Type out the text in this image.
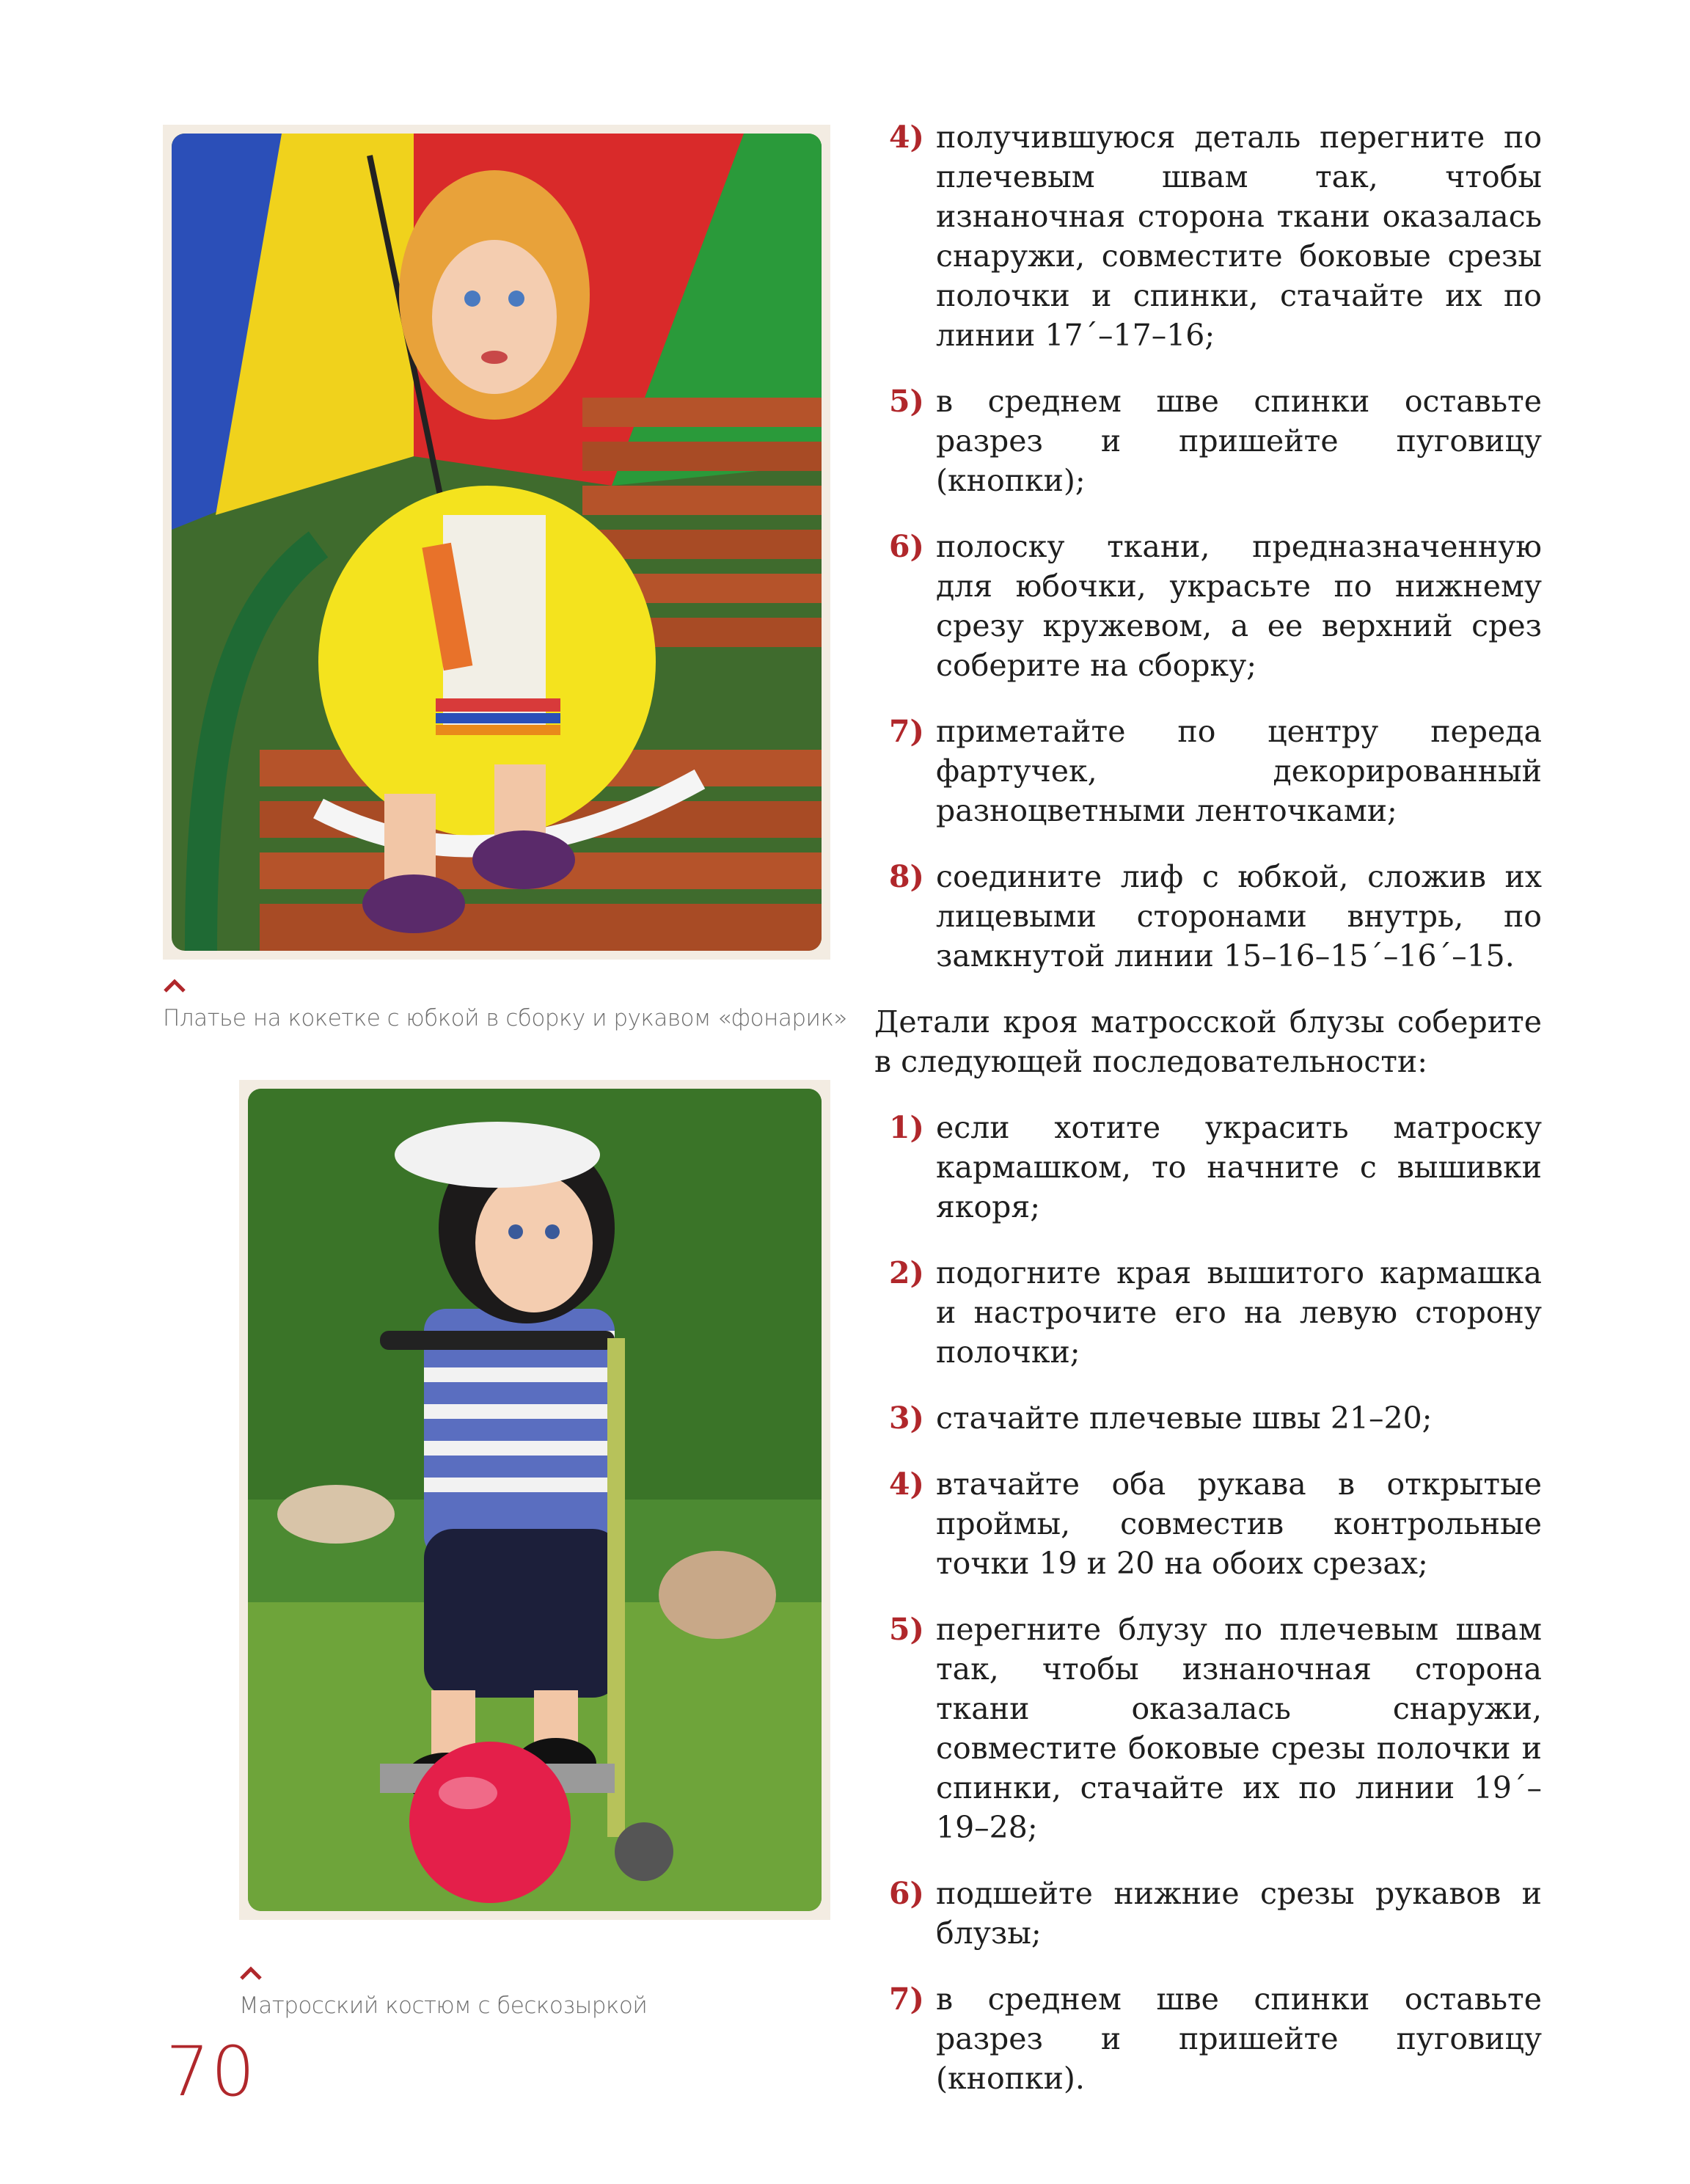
Платье на кокетке с юбкой в сборку и рукавом «фонарик»
Матросский костюм с бескозыркой
4) получившуюся деталь перегните по плечевым швам так, чтобы изнаночная сторона ткани оказалась снаружи, совместите боковые срезы полочки и спинки, стачайте их по линии 17´–17–16;
5) в среднем шве спинки оставьте разрез и пришейте пуговицу (кнопки);
6) полоску ткани, предназначенную для юбочки, украсьте по нижнему срезу кружевом, а ее верхний срез соберите на сборку;
7) приметайте по центру переда фартучек, декорированный разноцветными ленточками;
8) соедините лиф с юбкой, сложив их лицевыми сторонами внутрь, по замкнутой линии 15–16–15´–16´–15.
Детали кроя матросской блузы соберите в следующей последовательности:
1) если хотите украсить матроску кармашком, то начните с вышивки якоря;
2) подогните края вышитого кармашка и настрочите его на левую сторону полочки;
3) стачайте плечевые швы 21–20;
4) втачайте оба рукава в открытые проймы, совместив контрольные точки 19 и 20 на обоих срезах;
5) перегните блузу по плечевым швам так, чтобы изнаночная сторона ткани оказалась снаружи, совместите боковые срезы полочки и спинки, стачайте их по линии 19´–19–28;
6) подшейте нижние срезы рукавов и блузы;
7) в среднем шве спинки оставьте разрез и пришейте пуговицу (кнопки).
70
